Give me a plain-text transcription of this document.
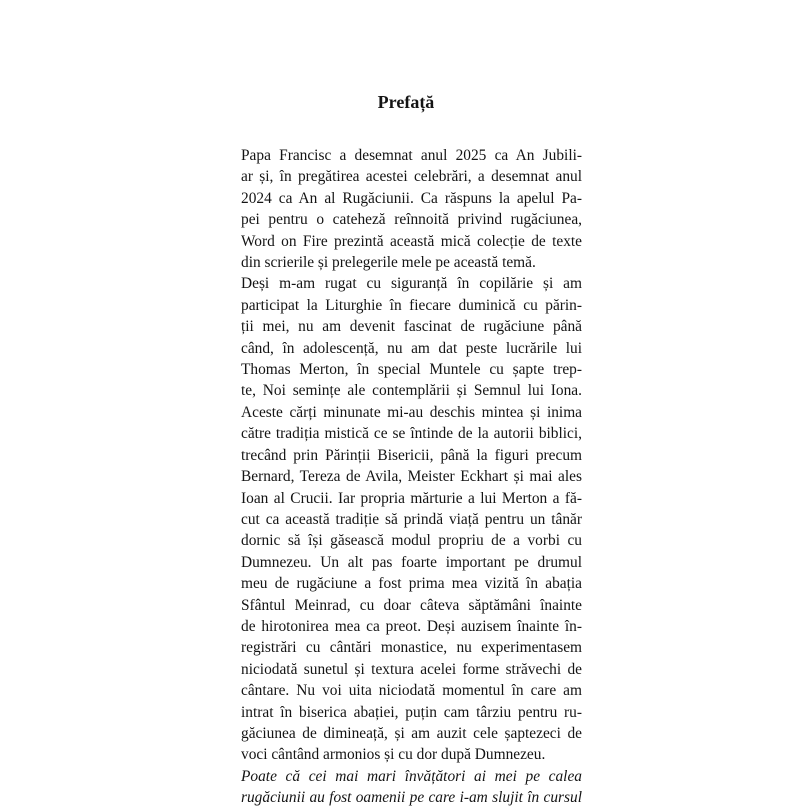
Prefață

Papa Francisc a desemnat anul 2025 ca An Jubili-
ar și, în pregătirea acestei celebrări, a desemnat anul
2024 ca An al Rugăciunii. Ca răspuns la apelul Pa-
pei pentru o cateheză reînnoită privind rugăciunea,
Word on Fire prezintă această mică colecție de texte
din scrierile și prelegerile mele pe această temă.

Deși m-am rugat cu siguranță în copilărie și am
participat la Liturghie în fiecare duminică cu părin-
ții mei, nu am devenit fascinat de rugăciune până
când, în adolescență, nu am dat peste lucrările lui
Thomas Merton, în special Muntele cu șapte trep-
te, Noi semințe ale contemplării și Semnul lui Iona.
Aceste cărți minunate mi-au deschis mintea și inima
către tradiția mistică ce se întinde de la autorii biblici,
trecând prin Părinții Bisericii, până la figuri precum
Bernard, Tereza de Avila, Meister Eckhart și mai ales
Ioan al Crucii. Iar propria mărturie a lui Merton a fă-
cut ca această tradiție să prindă viață pentru un tânăr
dornic să își găsească modul propriu de a vorbi cu
Dumnezeu. Un alt pas foarte important pe drumul
meu de rugăciune a fost prima mea vizită în abația
Sfântul Meinrad, cu doar câteva săptămâni înainte
de hirotonirea mea ca preot. Deși auzisem înainte în-
registrări cu cântări monastice, nu experimentasem
niciodată sunetul și textura acelei forme străvechi de
cântare. Nu voi uita niciodată momentul în care am
intrat în biserica abației, puțin cam târziu pentru ru-
găciunea de dimineață, și am auzit cele șaptezeci de
voci cântând armonios și cu dor după Dumnezeu.

Poate că cei mai mari învățători ai mei pe calea
rugăciunii au fost oamenii pe care i-am slujit în cursul
